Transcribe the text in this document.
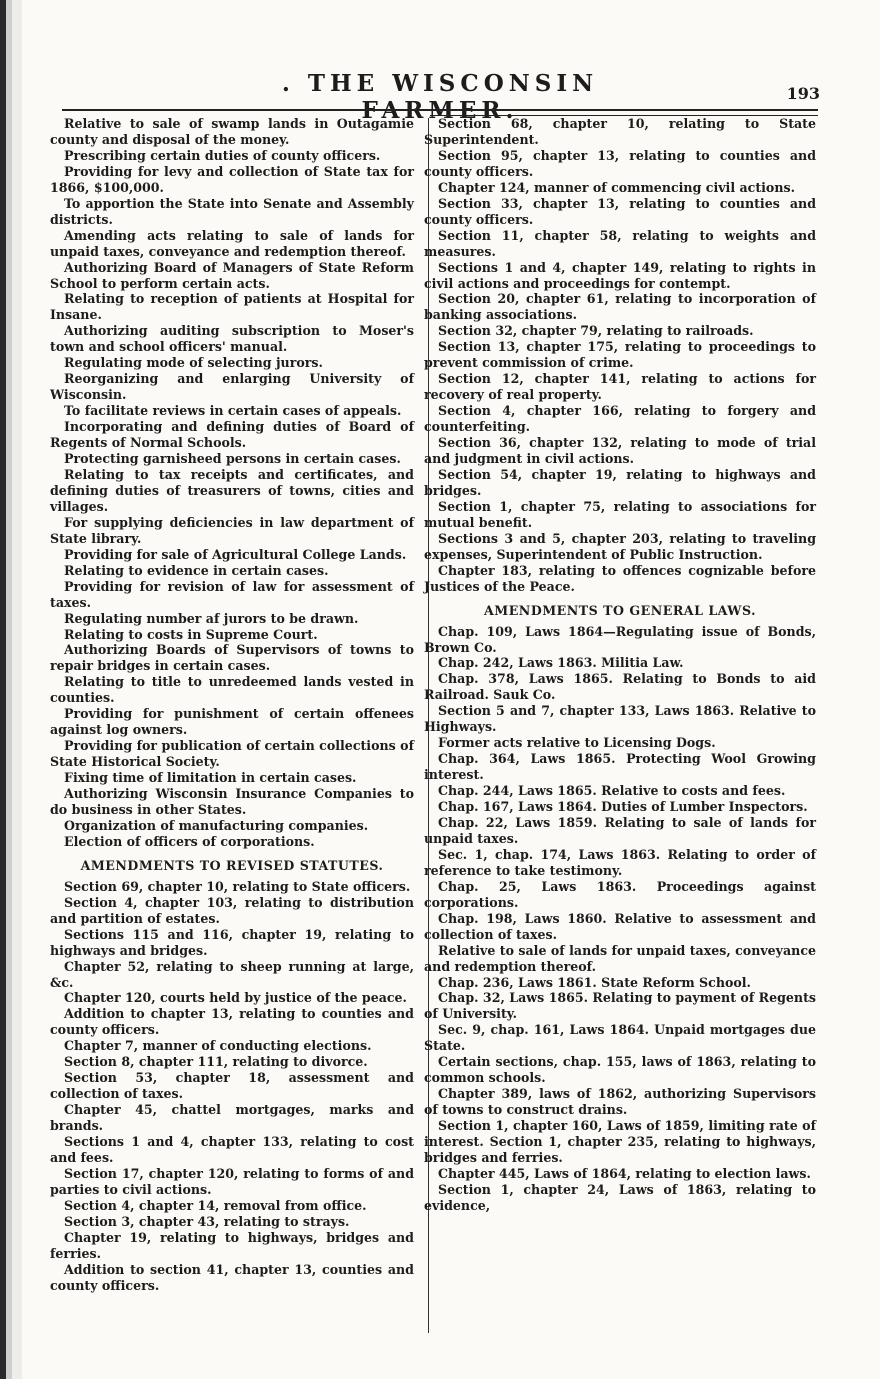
. THE WISCONSIN FARMER.
193

Relative to sale of swamp lands in Outagamie county and disposal of the money.

Prescribing certain duties of county officers.

Providing for levy and collection of State tax for 1866, $100,000.

To apportion the State into Senate and Assembly districts.

Amending acts relating to sale of lands for unpaid taxes, conveyance and redemption thereof.

Authorizing Board of Managers of State Reform School to perform certain acts.

Relating to reception of patients at Hospital for Insane.

Authorizing auditing subscription to Moser's town and school officers' manual.

Regulating mode of selecting jurors.

Reorganizing and enlarging University of Wisconsin.

To facilitate reviews in certain cases of appeals.

Incorporating and defining duties of Board of Regents of Normal Schools.

Protecting garnisheed persons in certain cases.

Relating to tax receipts and certificates, and defining duties of treasurers of towns, cities and villages.

For supplying deficiencies in law department of State library.

Providing for sale of Agricultural College Lands.

Relating to evidence in certain cases.

Providing for revision of law for assessment of taxes.

Regulating number af jurors to be drawn.

Relating to costs in Supreme Court.

Authorizing Boards of Supervisors of towns to repair bridges in certain cases.

Relating to title to unredeemed lands vested in counties.

Providing for punishment of certain offenees against log owners.

Providing for publication of certain collections of State Historical Society.

Fixing time of limitation in certain cases.

Authorizing Wisconsin Insurance Companies to do business in other States.

Organization of manufacturing companies.

Election of officers of corporations.

AMENDMENTS TO REVISED STATUTES.

Section 69, chapter 10, relating to State officers.

Section 4, chapter 103, relating to distribution and partition of estates.

Sections 115 and 116, chapter 19, relating to highways and bridges.

Chapter 52, relating to sheep running at large, &c.

Chapter 120, courts held by justice of the peace.

Addition to chapter 13, relating to counties and county officers.

Chapter 7, manner of conducting elections.

Section 8, chapter 111, relating to divorce.

Section 53, chapter 18, assessment and collection of taxes.

Chapter 45, chattel mortgages, marks and brands.

Sections 1 and 4, chapter 133, relating to cost and fees.

Section 17, chapter 120, relating to forms of and parties to civil actions.

Section 4, chapter 14, removal from office.

Section 3, chapter 43, relating to strays.

Chapter 19, relating to highways, bridges and ferries.

Addition to section 41, chapter 13, counties and county officers.

Section 68, chapter 10, relating to State Superintendent.

Section 95, chapter 13, relating to counties and county officers.

Chapter 124, manner of commencing civil actions.

Section 33, chapter 13, relating to counties and county officers.

Section 11, chapter 58, relating to weights and measures.

Sections 1 and 4, chapter 149, relating to rights in civil actions and proceedings for contempt.

Section 20, chapter 61, relating to incorporation of banking associations.

Section 32, chapter 79, relating to railroads.

Section 13, chapter 175, relating to proceedings to prevent commission of crime.

Section 12, chapter 141, relating to actions for recovery of real property.

Section 4, chapter 166, relating to forgery and counterfeiting.

Section 36, chapter 132, relating to mode of trial and judgment in civil actions.

Section 54, chapter 19, relating to highways and bridges.

Section 1, chapter 75, relating to associations for mutual benefit.

Sections 3 and 5, chapter 203, relating to traveling expenses, Superintendent of Public Instruction.

Chapter 183, relating to offences cognizable before Justices of the Peace.

AMENDMENTS TO GENERAL LAWS.

Chap. 109, Laws 1864—Regulating issue of Bonds, Brown Co.

Chap. 242, Laws 1863. Militia Law.

Chap. 378, Laws 1865. Relating to Bonds to aid Railroad. Sauk Co.

Section 5 and 7, chapter 133, Laws 1863. Relative to Highways.

Former acts relative to Licensing Dogs.

Chap. 364, Laws 1865. Protecting Wool Growing interest.

Chap. 244, Laws 1865. Relative to costs and fees.

Chap. 167, Laws 1864. Duties of Lumber Inspectors.

Chap. 22, Laws 1859. Relating to sale of lands for unpaid taxes.

Sec. 1, chap. 174, Laws 1863. Relating to order of reference to take testimony.

Chap. 25, Laws 1863. Proceedings against corporations.

Chap. 198, Laws 1860. Relative to assessment and collection of taxes.

Relative to sale of lands for unpaid taxes, conveyance and redemption thereof.

Chap. 236, Laws 1861. State Reform School.

Chap. 32, Laws 1865. Relating to payment of Regents of University.

Sec. 9, chap. 161, Laws 1864. Unpaid mortgages due State.

Certain sections, chap. 155, laws of 1863, relating to common schools.

Chapter 389, laws of 1862, authorizing Supervisors of towns to construct drains.

Section 1, chapter 160, Laws of 1859, limiting rate of interest. Section 1, chapter 235, relating to highways, bridges and ferries.

Chapter 445, Laws of 1864, relating to election laws.

Section 1, chapter 24, Laws of 1863, relating to evidence,
